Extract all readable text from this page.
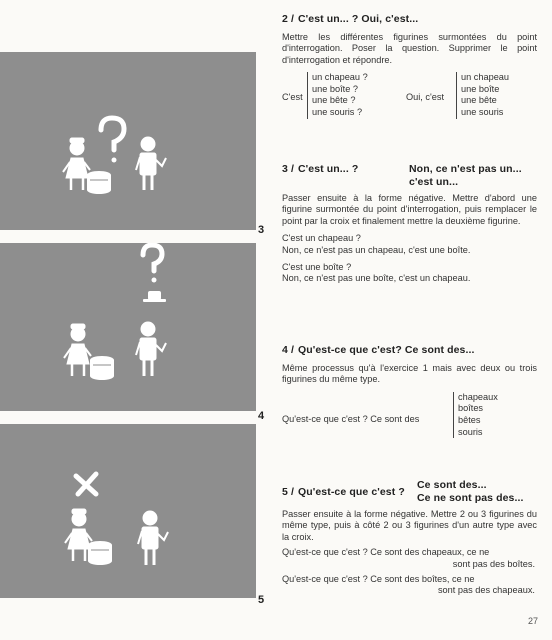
3
4
5
2 / C'est un... ? Oui, c'est...

Mettre les différentes figurines surmontées du point d'interrogation. Poser la question. Supprimer le point d'interrogation et répondre.

C'est
un chapeau ?
une boîte ?
une bête ?
une souris ?
Oui, c'est
un chapeau
une boîte
une bête
une souris
3 / C'est un... ?	Non, ce n'est pas un...
c'est un...

Passer ensuite à la forme négative. Mettre d'abord une figurine surmontée du point d'interrogation, puis remplacer le point par la croix et finalement mettre la deuxième figurine.

C'est un chapeau ?
Non, ce n'est pas un chapeau, c'est une boîte.
C'est une boîte ?
Non, ce n'est pas une boîte, c'est un chapeau.
4 / Qu'est-ce que c'est? Ce sont des...

Même processus qu'à l'exercice 1 mais avec deux ou trois figurines du même type.

Qu'est-ce que c'est ? Ce sont des
chapeaux
boîtes
bêtes
souris
5 / Qu'est-ce que c'est ?
Ce sont des...
Ce ne sont pas des...

Passer ensuite à la forme négative. Mettre 2 ou 3 figurines du même type, puis à côté 2 ou 3 figurines d'un autre type avec la croix.

Qu'est-ce que c'est ? Ce sont des chapeaux, ce ne
sont pas des boîtes.
Qu'est-ce que c'est ? Ce sont des boîtes, ce ne
sont pas des chapeaux.
27
